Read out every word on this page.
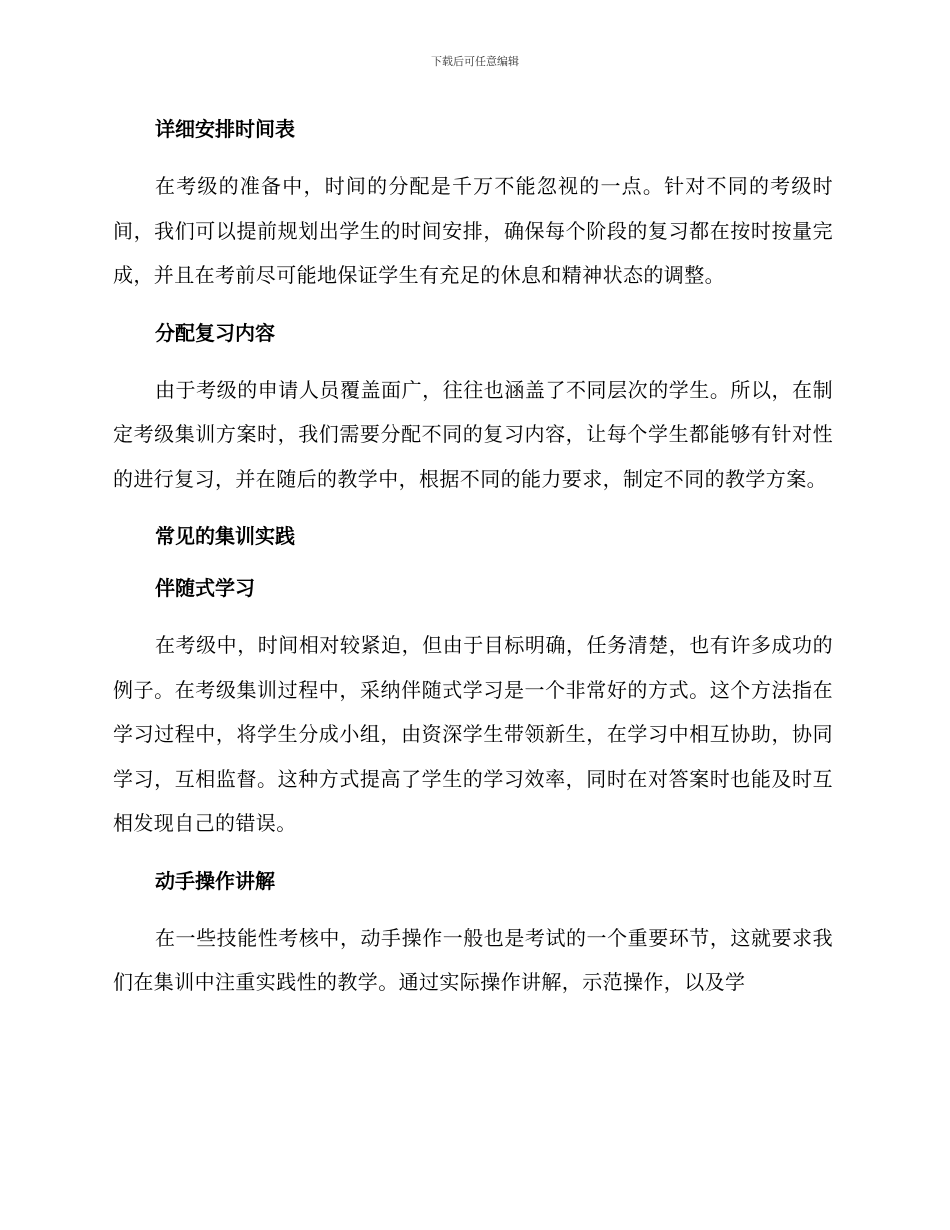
下载后可任意编辑
详细安排时间表

在考级的准备中，时间的分配是千万不能忽视的一点。针对不同的考级时间，我们可以提前规划出学生的时间安排，确保每个阶段的复习都在按时按量完成，并且在考前尽可能地保证学生有充足的休息和精神状态的调整。

分配复习内容

由于考级的申请人员覆盖面广，往往也涵盖了不同层次的学生。所以，在制定考级集训方案时，我们需要分配不同的复习内容，让每个学生都能够有针对性的进行复习，并在随后的教学中，根据不同的能力要求，制定不同的教学方案。

常见的集训实践
伴随式学习

在考级中，时间相对较紧迫，但由于目标明确，任务清楚，也有许多成功的例子。在考级集训过程中，采纳伴随式学习是一个非常好的方式。这个方法指在学习过程中，将学生分成小组，由资深学生带领新生，在学习中相互协助，协同学习，互相监督。这种方式提高了学生的学习效率，同时在对答案时也能及时互相发现自己的错误。

动手操作讲解

在一些技能性考核中，动手操作一般也是考试的一个重要环节，这就要求我们在集训中注重实践性的教学。通过实际操作讲解，示范操作，以及学
